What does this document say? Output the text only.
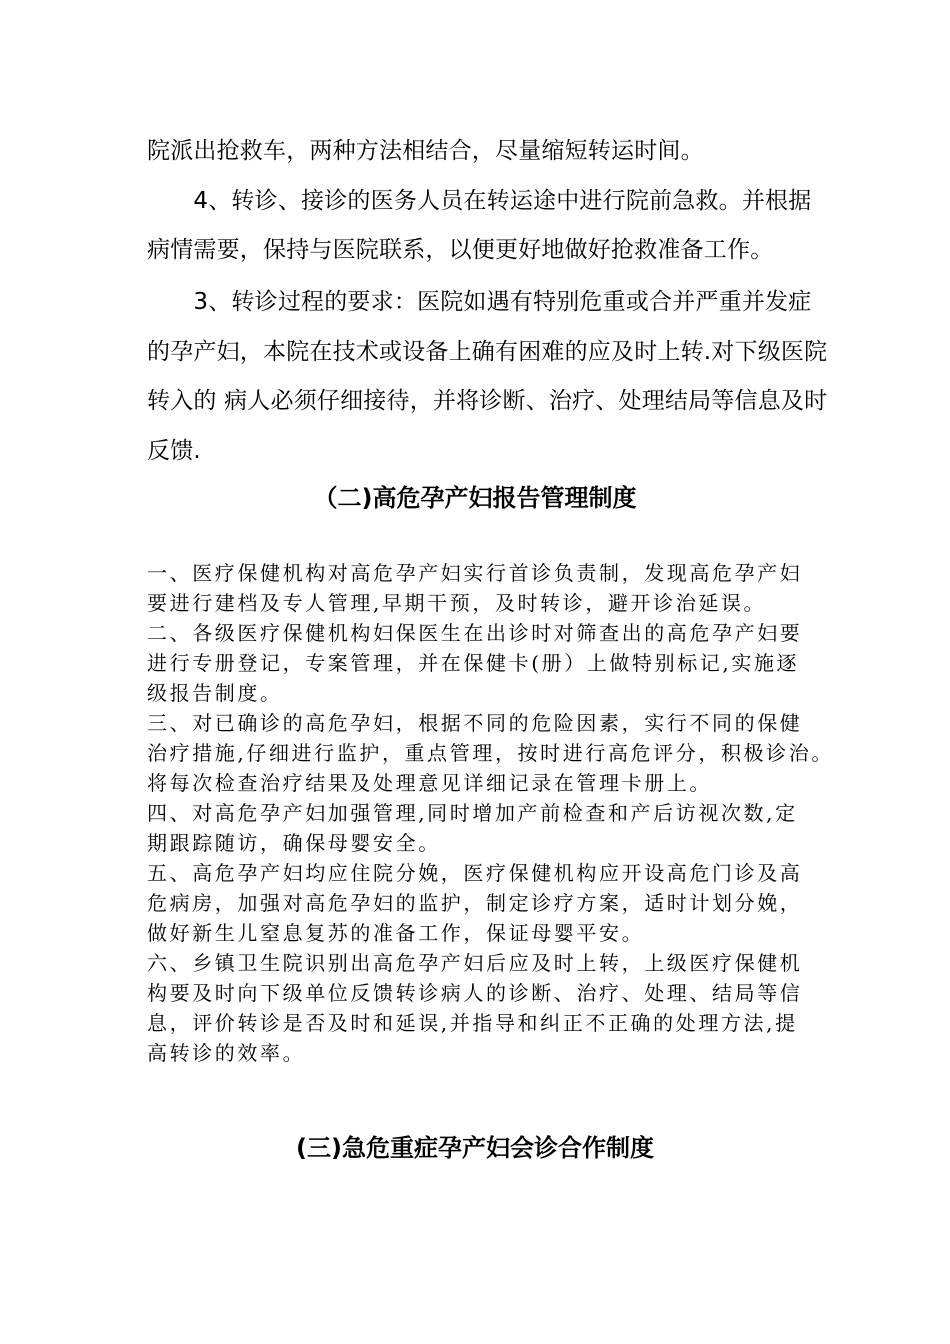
院派出抢救车，两种方法相结合，尽量缩短转运时间。
　　4、转诊、接诊的医务人员在转运途中进行院前急救。并根据
病情需要，保持与医院联系，以便更好地做好抢救准备工作。
　　3、转诊过程的要求：医院如遇有特别危重或合并严重并发症
的孕产妇，本院在技术或设备上确有困难的应及时上转.对下级医院
转入的 病人必须仔细接待，并将诊断、治疗、处理结局等信息及时
反馈.
（二)高危孕产妇报告管理制度
一、医疗保健机构对高危孕产妇实行首诊负责制，发现高危孕产妇
要进行建档及专人管理,早期干预，及时转诊，避开诊治延误。
二、各级医疗保健机构妇保医生在出诊时对筛查出的高危孕产妇要
进行专册登记，专案管理，并在保健卡(册）上做特别标记,实施逐
级报告制度。
三、对已确诊的高危孕妇，根据不同的危险因素，实行不同的保健
治疗措施,仔细进行监护，重点管理，按时进行高危评分，积极诊治。
将每次检查治疗结果及处理意见详细记录在管理卡册上。
四、对高危孕产妇加强管理,同时增加产前检查和产后访视次数,定
期跟踪随访，确保母婴安全。
五、高危孕产妇均应住院分娩，医疗保健机构应开设高危门诊及高
危病房，加强对高危孕妇的监护，制定诊疗方案，适时计划分娩，
做好新生儿窒息复苏的准备工作，保证母婴平安。
六、乡镇卫生院识别出高危孕产妇后应及时上转，上级医疗保健机
构要及时向下级单位反馈转诊病人的诊断、治疗、处理、结局等信
息，评价转诊是否及时和延误,并指导和纠正不正确的处理方法,提
高转诊的效率。
(三)急危重症孕产妇会诊合作制度
